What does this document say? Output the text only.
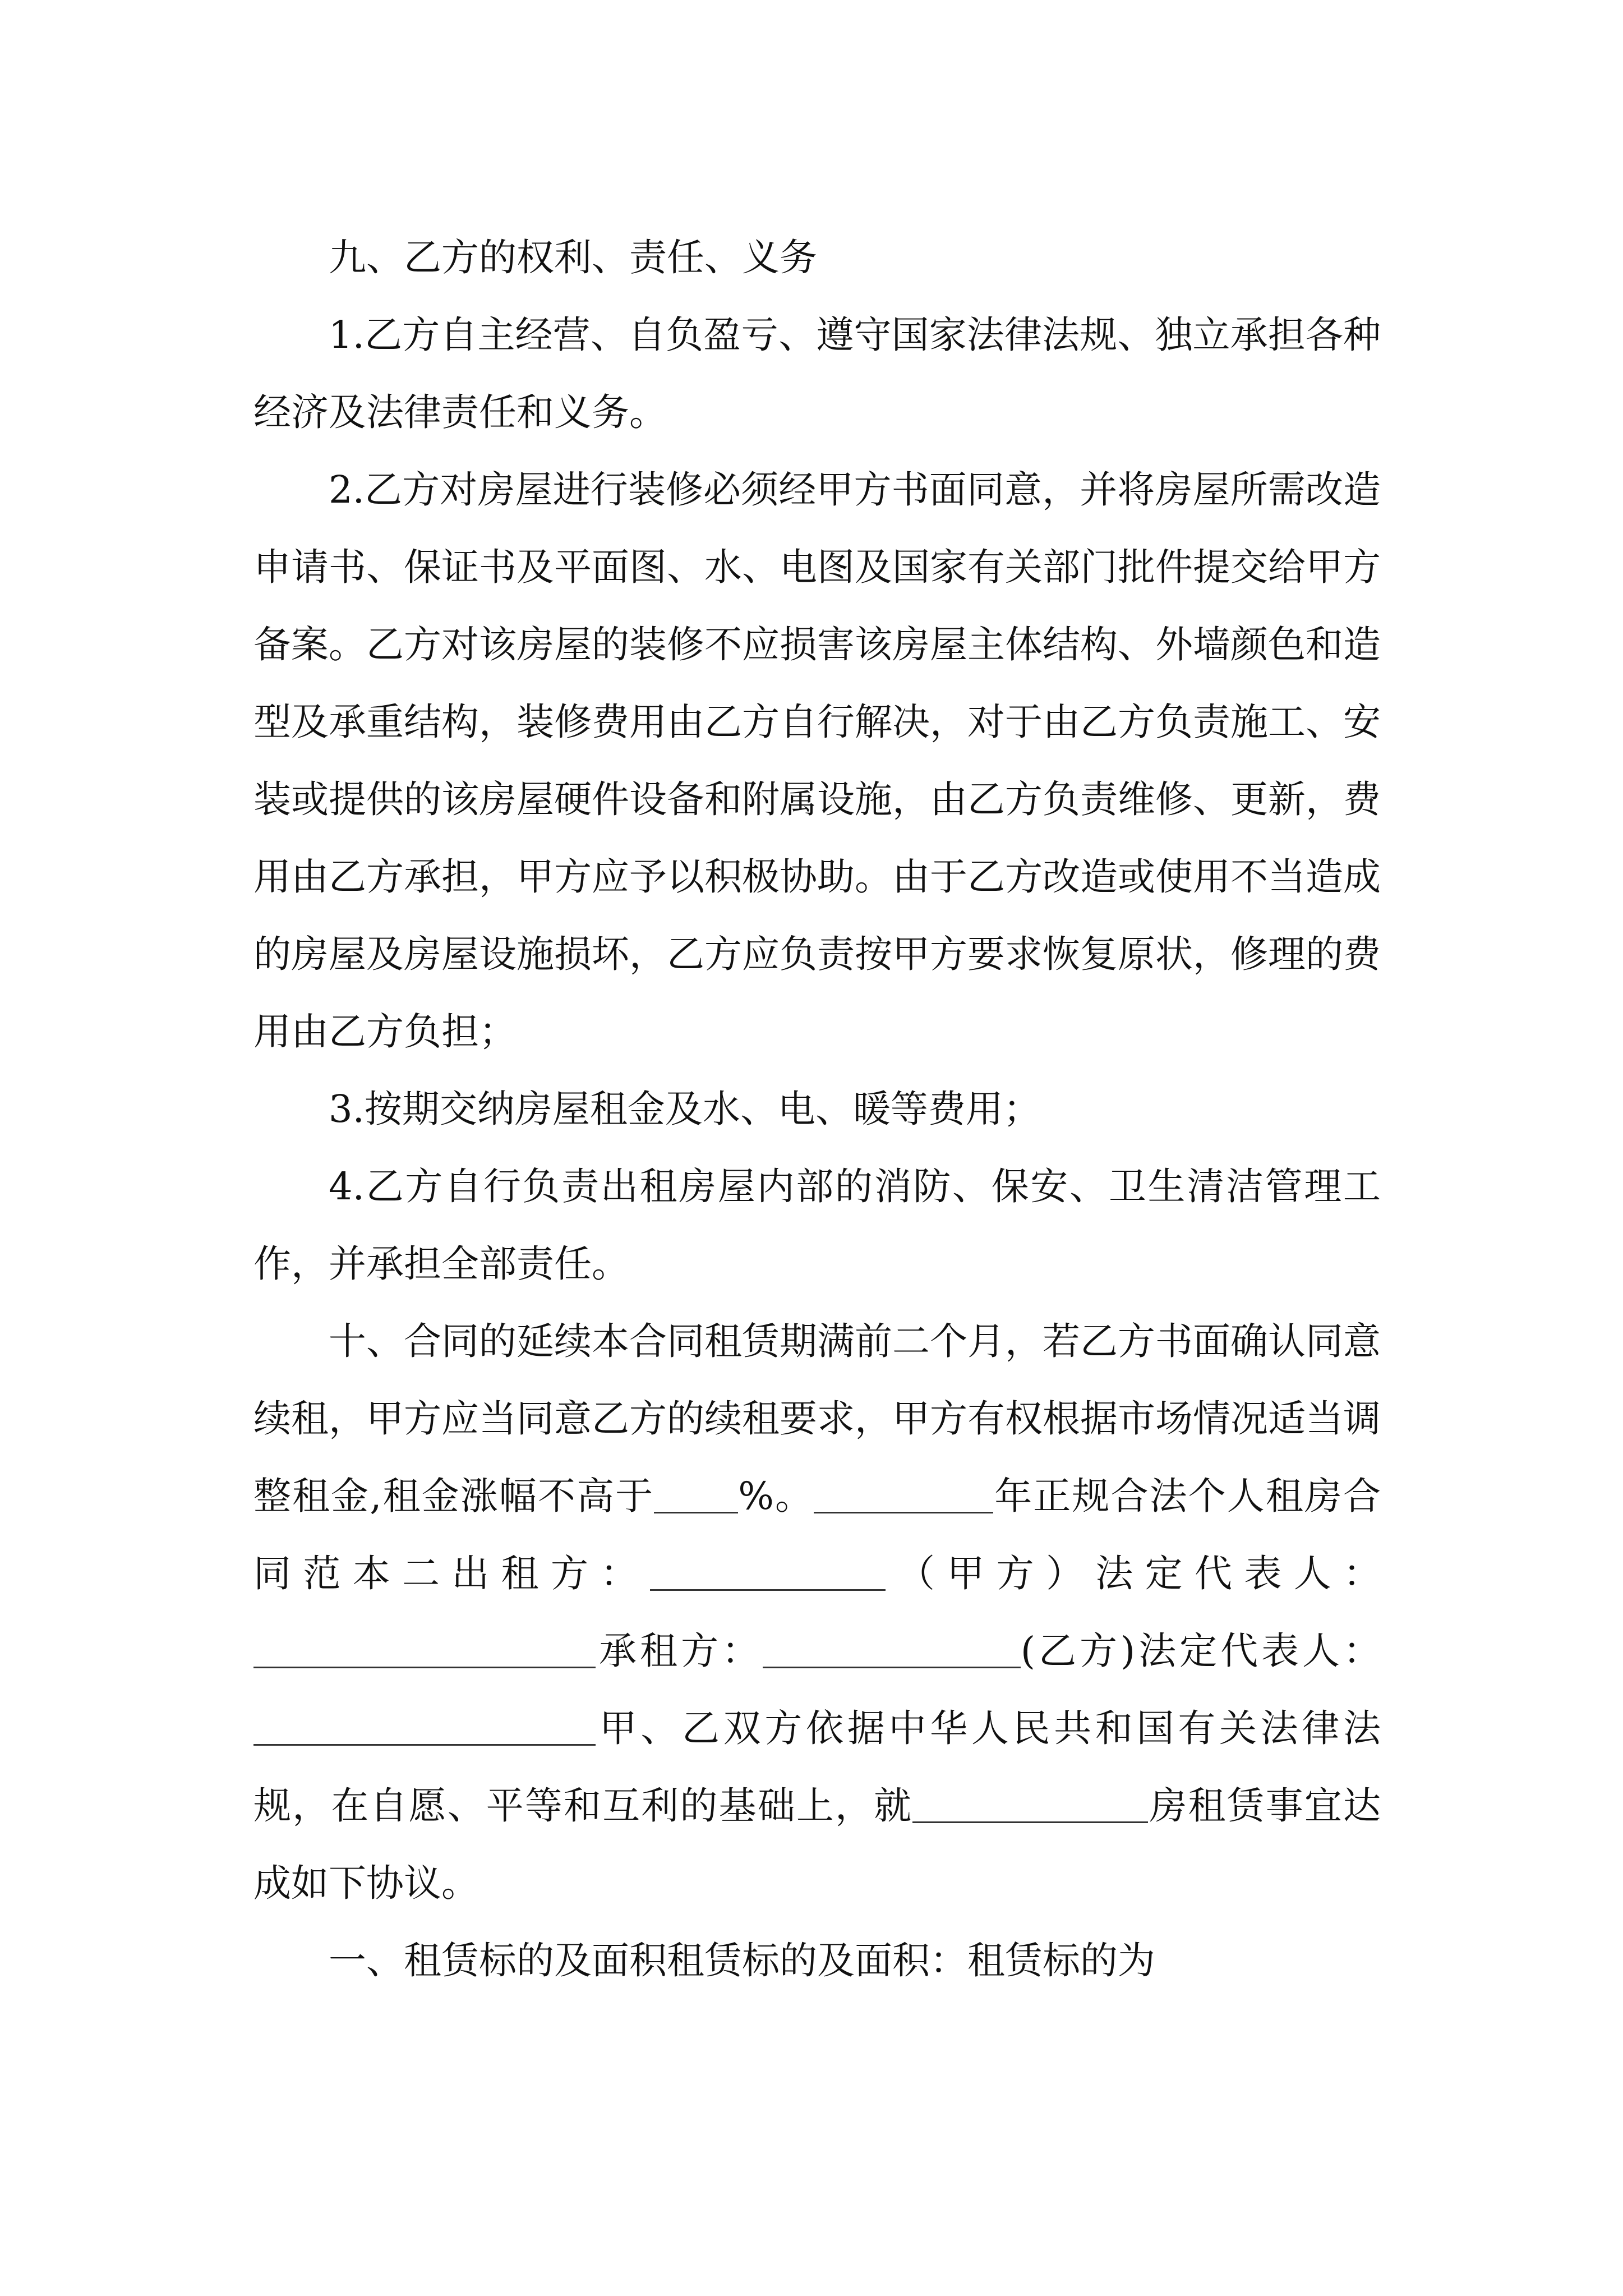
九、乙方的权利、责任、义务

1.乙方自主经营、自负盈亏、遵守国家法律法规、独立承担各种经济及法律责任和义务。

2.乙方对房屋进行装修必须经甲方书面同意，并将房屋所需改造申请书、保证书及平面图、水、电图及国家有关部门批件提交给甲方备案。乙方对该房屋的装修不应损害该房屋主体结构、外墙颜色和造型及承重结构，装修费用由乙方自行解决，对于由乙方负责施工、安装或提供的该房屋硬件设备和附属设施，由乙方负责维修、更新，费用由乙方承担，甲方应予以积极协助。由于乙方改造或使用不当造成的房屋及房屋设施损坏，乙方应负责按甲方要求恢复原状，修理的费用由乙方负担；

3.按期交纳房屋租金及水、电、暖等费用；

4.乙方自行负责出租房屋内部的消防、保安、卫生清洁管理工作，并承担全部责任。

十、合同的延续本合同租赁期满前二个月，若乙方书面确认同意续租，甲方应当同意乙方的续租要求，甲方有权根据市场情况适当调整租金,租金涨幅不高于 %。	年正规合法个人租房合同范本二出租方：	（甲方）法定代表人：承租方：	(乙方)法定代表人：甲、乙双方依据中华人民共和国有关法律法规，在自愿、平等和互利的基础上，就	房租赁事宜达成如下协议。

一、租赁标的及面积租赁标的及面积：租赁标的为
